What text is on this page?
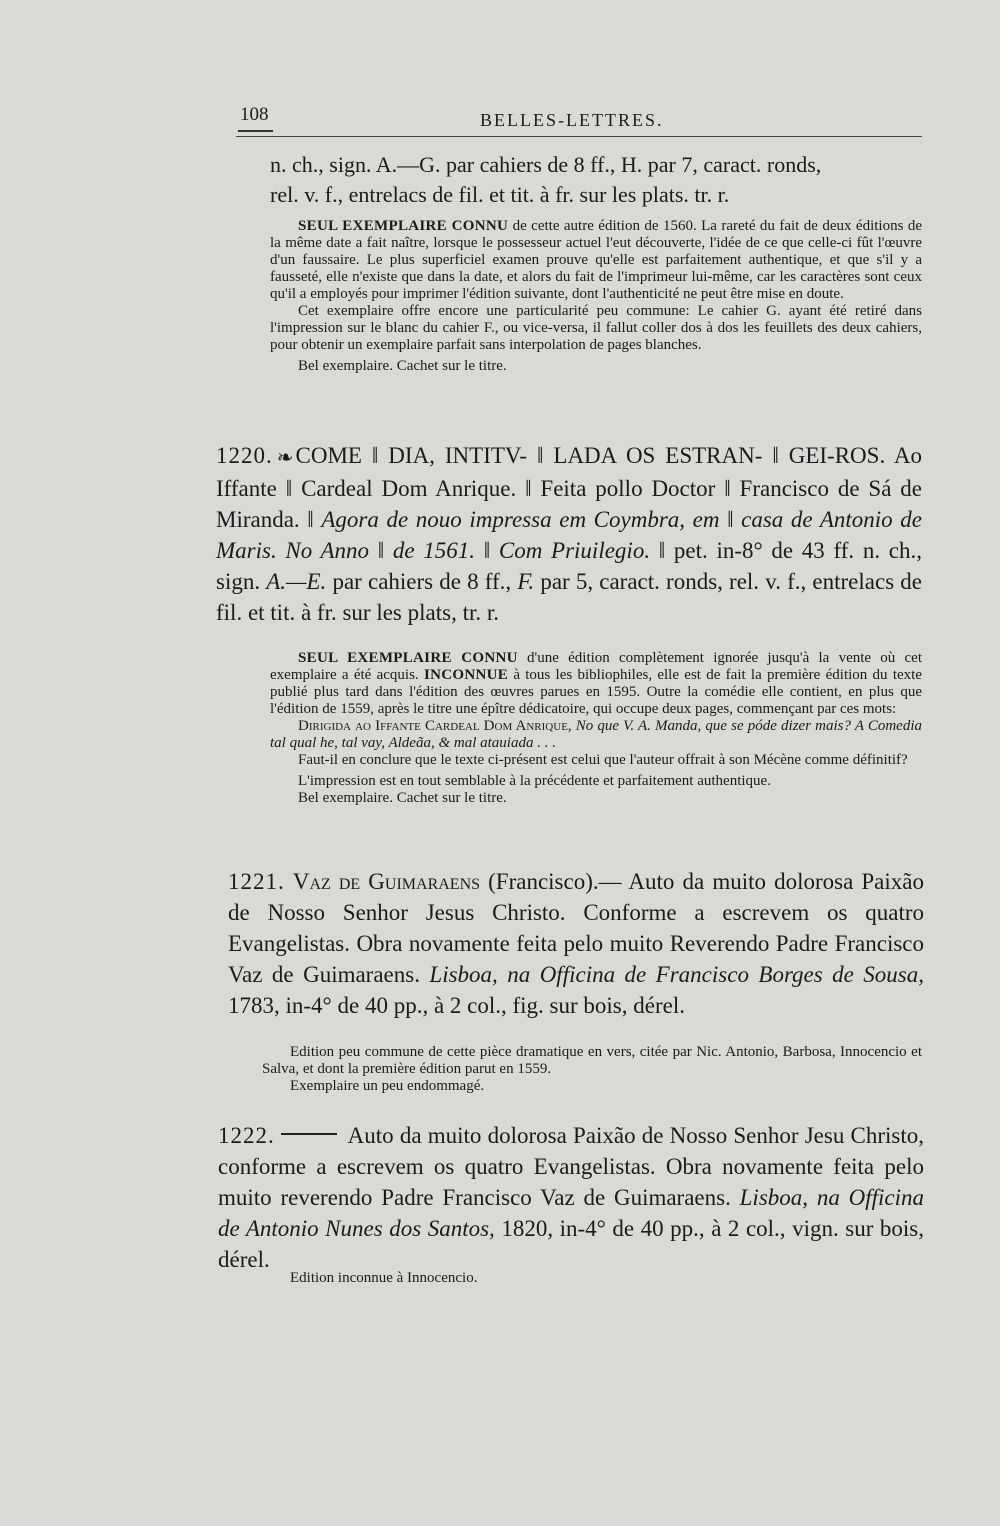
108	BELLES-LETTRES.

n. ch., sign. A.—G. par cahiers de 8 ff., H. par 7, caract. ronds,

rel. v. f., entrelacs de fil. et tit. à fr. sur les plats. tr. r.

SEUL EXEMPLAIRE CONNU de cette autre édition de 1560. La rareté du fait de deux éditions de la même date a fait naître, lorsque le possesseur actuel l'eut découverte, l'idée de ce que celle-ci fût l'œuvre d'un faussaire. Le plus superficiel examen prouve qu'elle est parfaitement authentique, et que s'il y a fausseté, elle n'existe que dans la date, et alors du fait de l'imprimeur lui-même, car les caractères sont ceux qu'il a employés pour imprimer l'édition suivante, dont l'authenticité ne peut être mise en doute.

Cet exemplaire offre encore une particularité peu commune: Le cahier G. ayant été retiré dans l'impression sur le blanc du cahier F., ou vice-versa, il fallut coller dos à dos les feuillets des deux cahiers, pour obtenir un exemplaire parfait sans interpolation de pages blanches.

Bel exemplaire. Cachet sur le titre.

1220. ❧COME ‖ DIA, INTITV- ‖ LADA OS ESTRAN- ‖ GEI-ROS. Ao Iffante ‖ Cardeal Dom Anrique. ‖ Feita pollo Doctor ‖ Francisco de Sá de Miranda. ‖ Agora de nouo impressa em Coymbra, em ‖ casa de Antonio de Maris. No Anno ‖ de 1561. ‖ Com Priuilegio. ‖ pet. in-8° de 43 ff. n. ch., sign. A.—E. par cahiers de 8 ff., F. par 5, caract. ronds, rel. v. f., entrelacs de fil. et tit. à fr. sur les plats, tr. r.

SEUL EXEMPLAIRE CONNU d'une édition complètement ignorée jusqu'à la vente où cet exemplaire a été acquis. INCONNUE à tous les bibliophiles, elle est de fait la première édition du texte publié plus tard dans l'édition des œuvres parues en 1595. Outre la comédie elle contient, en plus que l'édition de 1559, après le titre une épître dédicatoire, qui occupe deux pages, commençant par ces mots:

Dirigida ao Iffante Cardeal Dom Anrique, No que V. A. Manda, que se póde dizer mais? A Comedia tal qual he, tal vay, Aldeãa, & mal atauiada . . .

Faut-il en conclure que le texte ci-présent est celui que l'auteur offrait à son Mécène comme définitif?

L'impression est en tout semblable à la précédente et parfaitement authentique.

Bel exemplaire. Cachet sur le titre.

1221. Vaz de Guimaraens (Francisco).— Auto da muito dolorosa Paixão de Nosso Senhor Jesus Christo. Conforme a escrevem os quatro Evangelistas. Obra novamente feita pelo muito Reverendo Padre Francisco Vaz de Guimaraens. Lisboa, na Officina de Francisco Borges de Sousa, 1783, in-4° de 40 pp., à 2 col., fig. sur bois, dérel.

Edition peu commune de cette pièce dramatique en vers, citée par Nic. Antonio, Barbosa, Innocencio et Salva, et dont la première édition parut en 1559.

Exemplaire un peu endommagé.

1222.	Auto da muito dolorosa Paixão de Nosso Senhor Jesu Christo, conforme a escrevem os quatro Evangelistas. Obra novamente feita pelo muito reverendo Padre Francisco Vaz de Guimaraens. Lisboa, na Officina de Antonio Nunes dos Santos, 1820, in-4° de 40 pp., à 2 col., vign. sur bois, dérel.

Edition inconnue à Innocencio.
